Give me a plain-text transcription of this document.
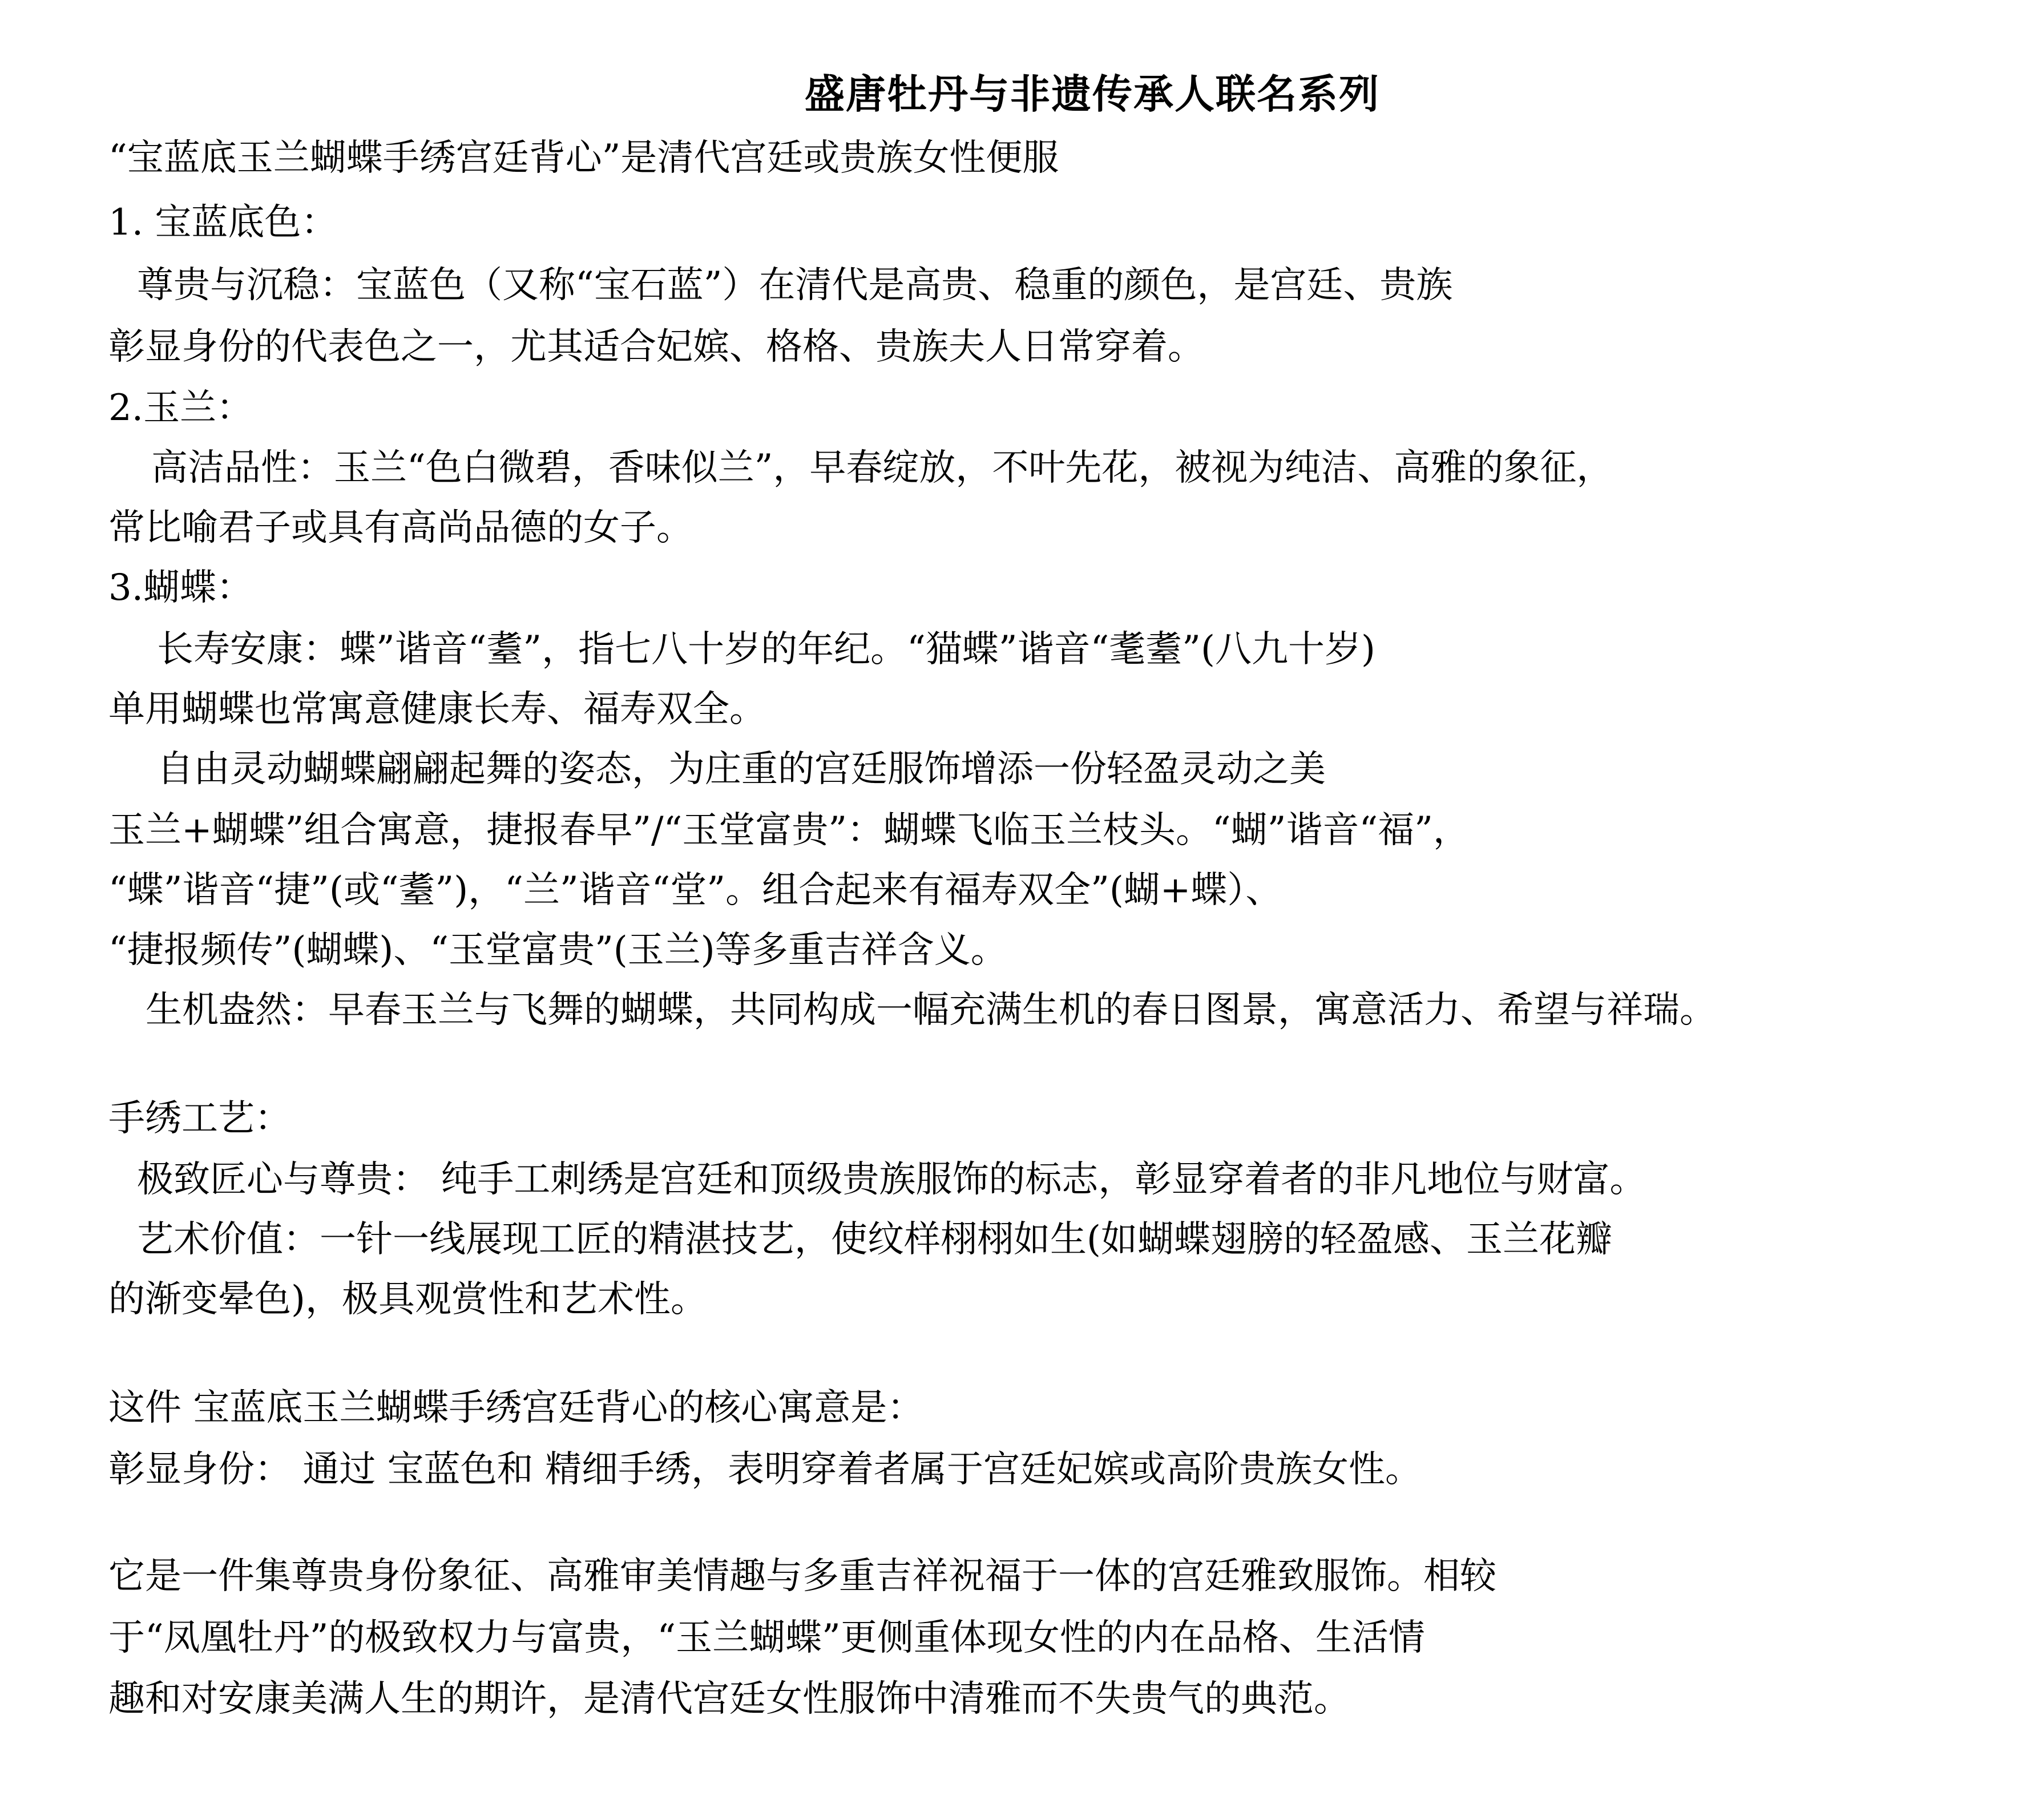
盛唐牡丹与非遗传承人联名系列
“宝蓝底玉兰蝴蝶手绣宫廷背心”是清代宫廷或贵族女性便服
1. 宝蓝底色：
尊贵与沉稳：宝蓝色（又称“宝石蓝”）在清代是高贵、稳重的颜色，是宫廷、贵族
彰显身份的代表色之一，尤其适合妃嫔、格格、贵族夫人日常穿着。
2.玉兰：
高洁品性：玉兰“色白微碧，香味似兰”，早春绽放，不叶先花，被视为纯洁、高雅的象征，
常比喻君子或具有高尚品德的女子。
3.蝴蝶：
长寿安康：蝶”谐音“耋”，指七八十岁的年纪。“猫蝶”谐音“耄耋”(八九十岁)
单用蝴蝶也常寓意健康长寿、福寿双全。
自由灵动蝴蝶翩翩起舞的姿态，为庄重的宫廷服饰增添一份轻盈灵动之美
玉兰+蝴蝶”组合寓意，捷报春早”/“玉堂富贵”：蝴蝶飞临玉兰枝头。“蝴”谐音“福”，
“蝶”谐音“捷”(或“耋”)，“兰”谐音“堂”。组合起来有福寿双全”(蝴+蝶）、
“捷报频传”(蝴蝶)、“玉堂富贵”(玉兰)等多重吉祥含义。
生机盎然：早春玉兰与飞舞的蝴蝶，共同构成一幅充满生机的春日图景，寓意活力、希望与祥瑞。
手绣工艺：
极致匠心与尊贵： 纯手工刺绣是宫廷和顶级贵族服饰的标志，彰显穿着者的非凡地位与财富。
艺术价值：一针一线展现工匠的精湛技艺，使纹样栩栩如生(如蝴蝶翅膀的轻盈感、玉兰花瓣
的渐变晕色)，极具观赏性和艺术性。
这件 宝蓝底玉兰蝴蝶手绣宫廷背心的核心寓意是：
彰显身份： 通过 宝蓝色和 精细手绣，表明穿着者属于宫廷妃嫔或高阶贵族女性。
它是一件集尊贵身份象征、高雅审美情趣与多重吉祥祝福于一体的宫廷雅致服饰。相较
于“凤凰牡丹”的极致权力与富贵，“玉兰蝴蝶”更侧重体现女性的内在品格、生活情
趣和对安康美满人生的期许，是清代宫廷女性服饰中清雅而不失贵气的典范。
